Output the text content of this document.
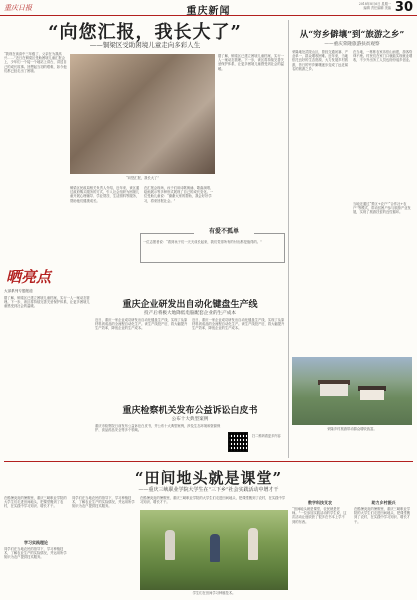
重庆日报	重庆新闻
2018年8月6日 星期一
编辑 责任编辑 美编 30
“向您汇报，我长大了”
——铜梁区受助困境儿童走向多彩人生
“我现在读高中三年级了，父亲在为我高兴……”近日在铜梁区受助困境儿童汇报会上，少年们一个接一个地站上讲台，讲述自己的成长故事。回想起当初的艰难，如今他们都已经走出了困境。
“向您汇报，我长大了”
铜梁区民政局相关负责人介绍，近年来，该区通过政府购买服务的方式，引入社会组织为困境儿童开展心理辅导、学业帮扶、生活照料等服务，帮助他们健康成长。
在汇报会现场，孩子们用诗歌朗诵、歌曲演唱、绘画展示等多种形式展现了自己的成长变化。一位受助儿童说：“谢谢大家的帮助，我会好好学习，将来回报社会。”
据了解，铜梁区已建立困境儿童档案，实行一人一案动态管理。下一步，该区将持续完善关爱保护体系，让更多困境儿童感受到社会的温暖。
从“穷乡僻壤”到“旅游之乡”
——重庆荣隆旅游扶贫观察
荣隆地处武陵山区，曾经交通闭塞、产业单一，群众增收困难。近年来，当地依托良好的生态资源，大力发展乡村旅游，昔日的穷乡僻壤逐步变成了远近闻名的旅游之乡。
在当地，一栋栋农家乐依山而建，游客络绎不绝。村民们在家门口就能实现就业增收，不少外出务工人员也纷纷返乡创业。
当地还通过“景区+农户”“合作社+农户”等模式，带动贫困户参与旅游产业发展，实现了旅游扶贫的良性循环。
荣隆乡村旅游带动群众增收致富。
有爱不孤单
一位志愿者说：“看到孩子们一天天成长起来，我们觉得所有的付出都是值得的。”
晒亮点
大部系列专题报道
据了解，铜梁区已建立困境儿童档案，实行一人一案动态管理。下一步，该区将持续完善关爱保护体系，让更多困境儿童感受到社会的温暖。	重庆企业研发出自动化键盘生产线
投产后将极大地降低电脑配套企业的生产成本
近日，重庆一家企业成功研发出自动化键盘生产线，实现了从原材料到成品的全流程自动化生产。该生产线投产后，将大幅提升生产效率，降低企业的生产成本。
近日，重庆一家企业成功研发出自动化键盘生产线，实现了从原材料到成品的全流程自动化生产。该生产线投产后，将大幅提升生产效率，降低企业的生产成本。
重庆检察机关发布公益诉讼白皮书
公布十大典型案例
重庆市检察院日前发布公益诉讼白皮书，并公布十大典型案例，涉及生态环境和资源保护、食品药品安全等多个领域。
扫二维码看更多内容
“田间地头就是课堂”
——重庆三峡职业学院大学生在“三下乡”社会实践活动中增才干
在酷暑炎炎的暑假里，重庆三峡职业学院的大学生们走进田间地头，把课堂搬到了农村，在实践中学习知识、增长才干。
学习实践理论
同学们在当地农民的指导下，学习种植技术，了解农业生产的实际情况，并运用所学知识为农户提供技术服务。
同学们在当地农民的指导下，学习种植技术，了解农业生产的实际情况，并运用所学知识为农户提供技术服务。
学生们在田间学习种植技术。
在酷暑炎炎的暑假里，重庆三峡职业学院的大学生们走进田间地头，把课堂搬到了农村，在实践中学习知识、增长才干。	数字科技支农
“田间地头就是课堂，农民就是老师。”一位参加实践活动的学生说，这次活动让他收获了很多在书本上学不到的东西。
助力乡村振兴
在酷暑炎炎的暑假里，重庆三峡职业学院的大学生们走进田间地头，把课堂搬到了农村，在实践中学习知识、增长才干。
